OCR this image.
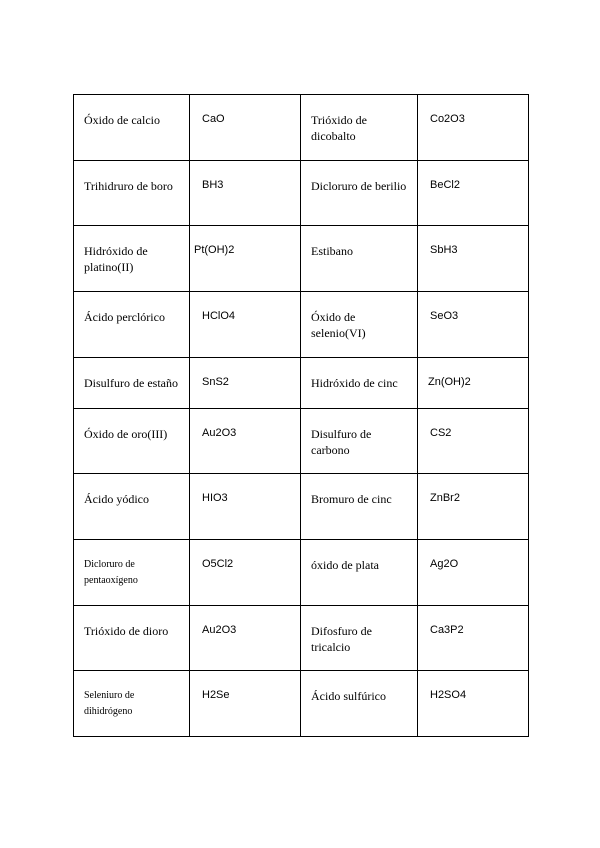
Óxido de calcio	CaO	Trióxido de dicobalto	Co2O3

Trihidruro de boro	BH3	Dicloruro de berilio	BeCl2

Hidróxido de platino(II)	Pt(OH)2	Estibano	SbH3

Ácido perclórico	HClO4	Óxido de selenio(VI)	SeO3

Disulfuro de estaño	SnS2	Hidróxido de cinc	Zn(OH)2

Óxido de oro(III)	Au2O3	Disulfuro de carbono	CS2

Ácido yódico	HIO3	Bromuro de cinc	ZnBr2

Dicloruro de pentaoxígeno	O5Cl2	óxido de plata	Ag2O

Trióxido de dioro	Au2O3	Difosfuro de tricalcio	Ca3P2

Seleniuro de dihidrógeno	H2Se	Ácido sulfúrico	H2SO4
